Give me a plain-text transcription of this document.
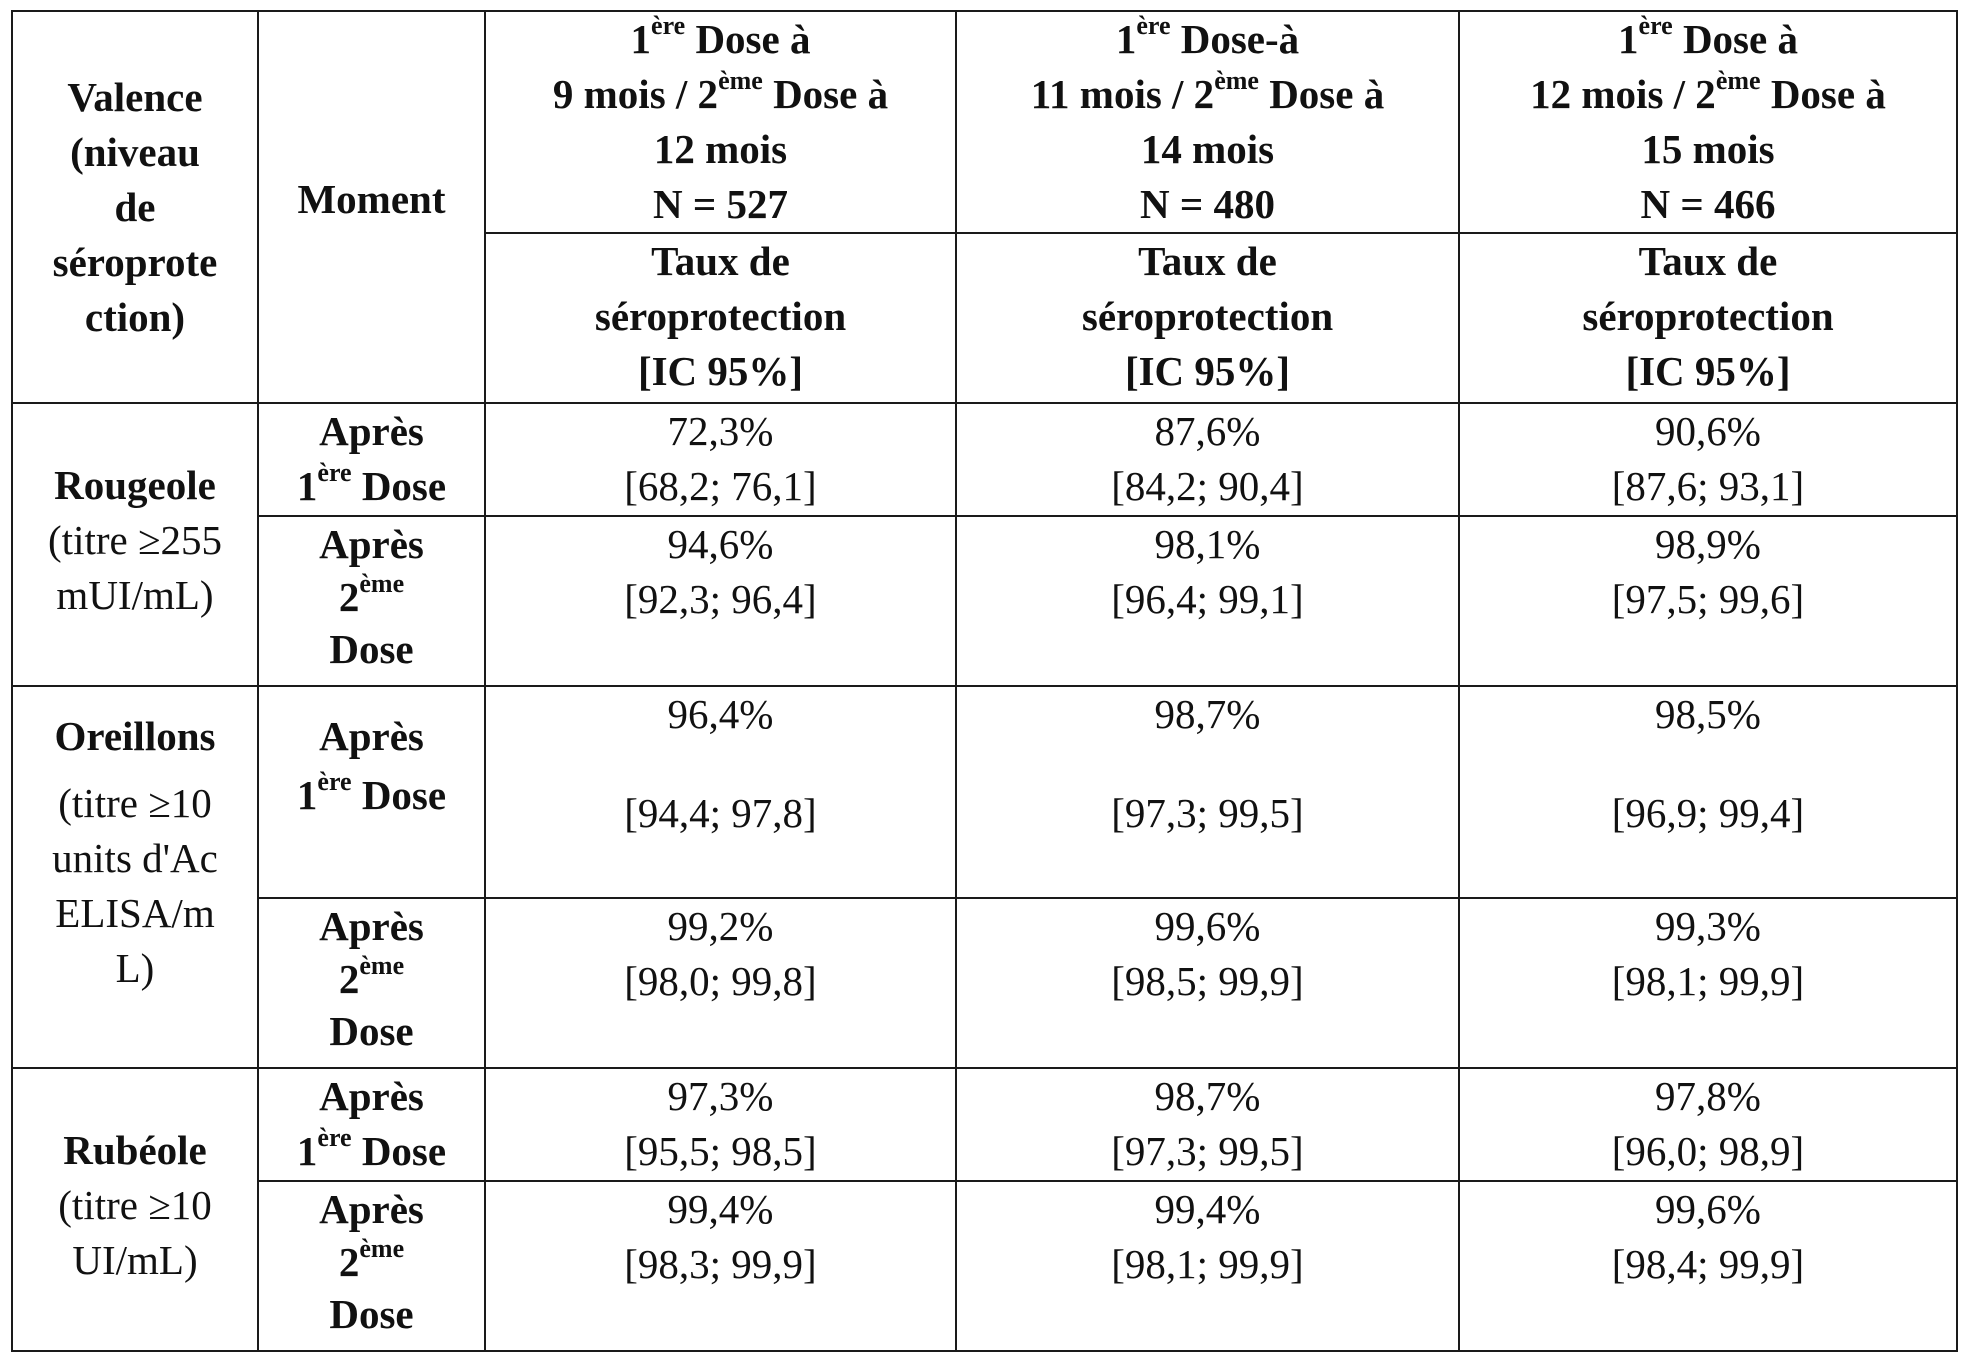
Valence
(niveau
de
séroprote
ction)	Moment	1ère Dose à
9 mois / 2ème Dose à
12 mois
N = 527	1ère Dose-à
11 mois / 2ème Dose à
14 mois
N = 480	1ère Dose à
12 mois / 2ème Dose à
15 mois
N = 466

		Taux de
séroprotection
[IC 95%]	Taux de
séroprotection
[IC 95%]	Taux de
séroprotection
[IC 95%]

Rougeole
(titre ≥255
mUI/mL)	Après
1ère Dose	72,3%
[68,2; 76,1]	87,6%
[84,2; 90,4]	90,6%
[87,6; 93,1]

	Après
2ème
Dose	94,6%
[92,3; 96,4]	98,1%
[96,4; 99,1]	98,9%
[97,5; 99,6]

Oreillons
(titre ≥10
units d'Ac
ELISA/m
L)	Après
1ère Dose	96,4%
[94,4; 97,8]	98,7%
[97,3; 99,5]	98,5%
[96,9; 99,4]

	Après
2ème
Dose	99,2%
[98,0; 99,8]	99,6%
[98,5; 99,9]	99,3%
[98,1; 99,9]

Rubéole
(titre ≥10
UI/mL)	Après
1ère Dose	97,3%
[95,5; 98,5]	98,7%
[97,3; 99,5]	97,8%
[96,0; 98,9]

	Après
2ème
Dose	99,4%
[98,3; 99,9]	99,4%
[98,1; 99,9]	99,6%
[98,4; 99,9]
